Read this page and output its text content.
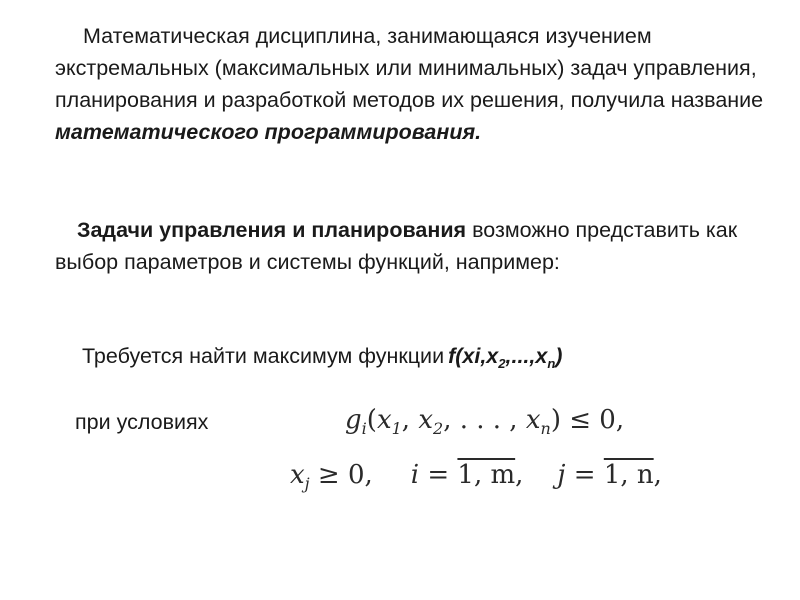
Математическая дисциплина, занимающаяся изучением экстремальных (максимальных или минимальных) задач управления, планирования и разработкой методов их решения, получила название математического программирования.

Задачи управления и планирования возможно представить как выбор параметров и системы функций, например:

Требуется найти максимум функции $f(xi,x_2,...,x_n)$
при условиях	$g_i(x_1$, $x_2$, . . . , $x_n) \le 0$,
$x_j \ge 0$, i = 1, m, j = 1, n,
